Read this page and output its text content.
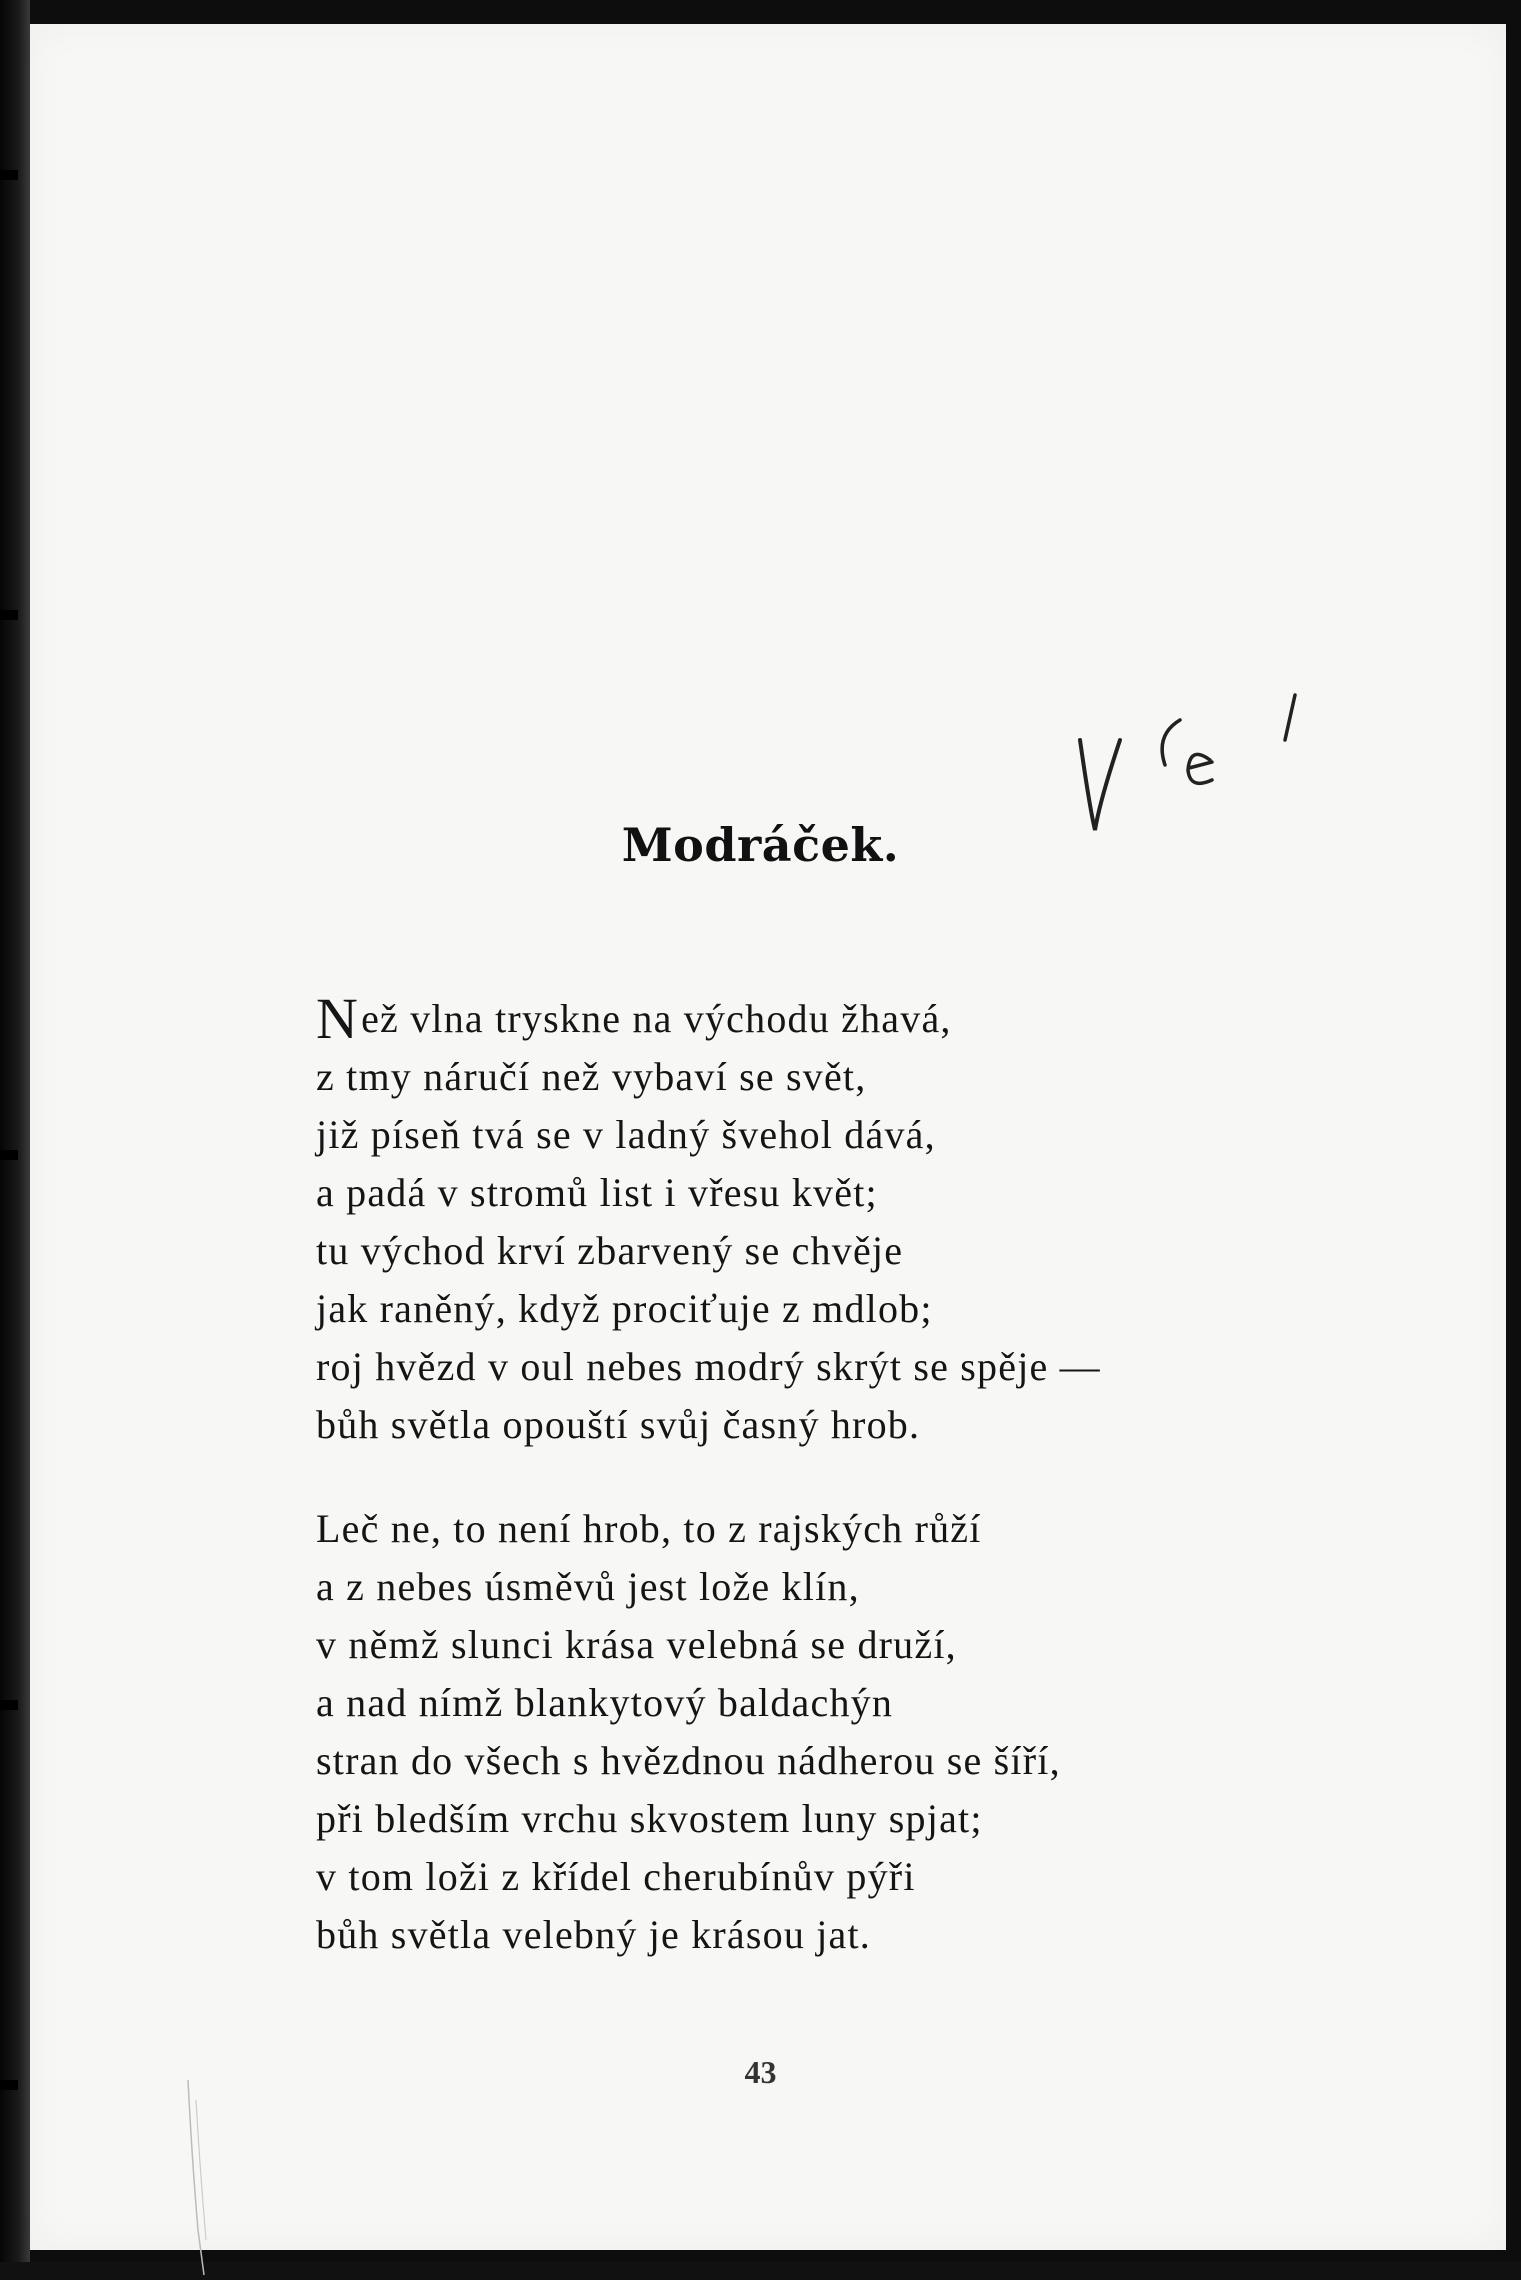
Modráček.
Než vlna tryskne na východu žhavá,
z tmy náručí než vybaví se svět,
již píseň tvá se v ladný švehol dává,
a padá v stromů list i vřesu květ;
tu východ krví zbarvený se chvěje
jak raněný, když prociťuje z mdlob;
roj hvězd v oul nebes modrý skrýt se spěje —
bůh světla opouští svůj časný hrob.
Leč ne, to není hrob, to z rajských růží
a z nebes úsměvů jest lože klín,
v němž slunci krása velebná se druží,
a nad nímž blankytový baldachýn
stran do všech s hvězdnou nádherou se šíří,
při bledším vrchu skvostem luny spjat;
v tom loži z křídel cherubínův pýři
bůh světla velebný je krásou jat.
43
